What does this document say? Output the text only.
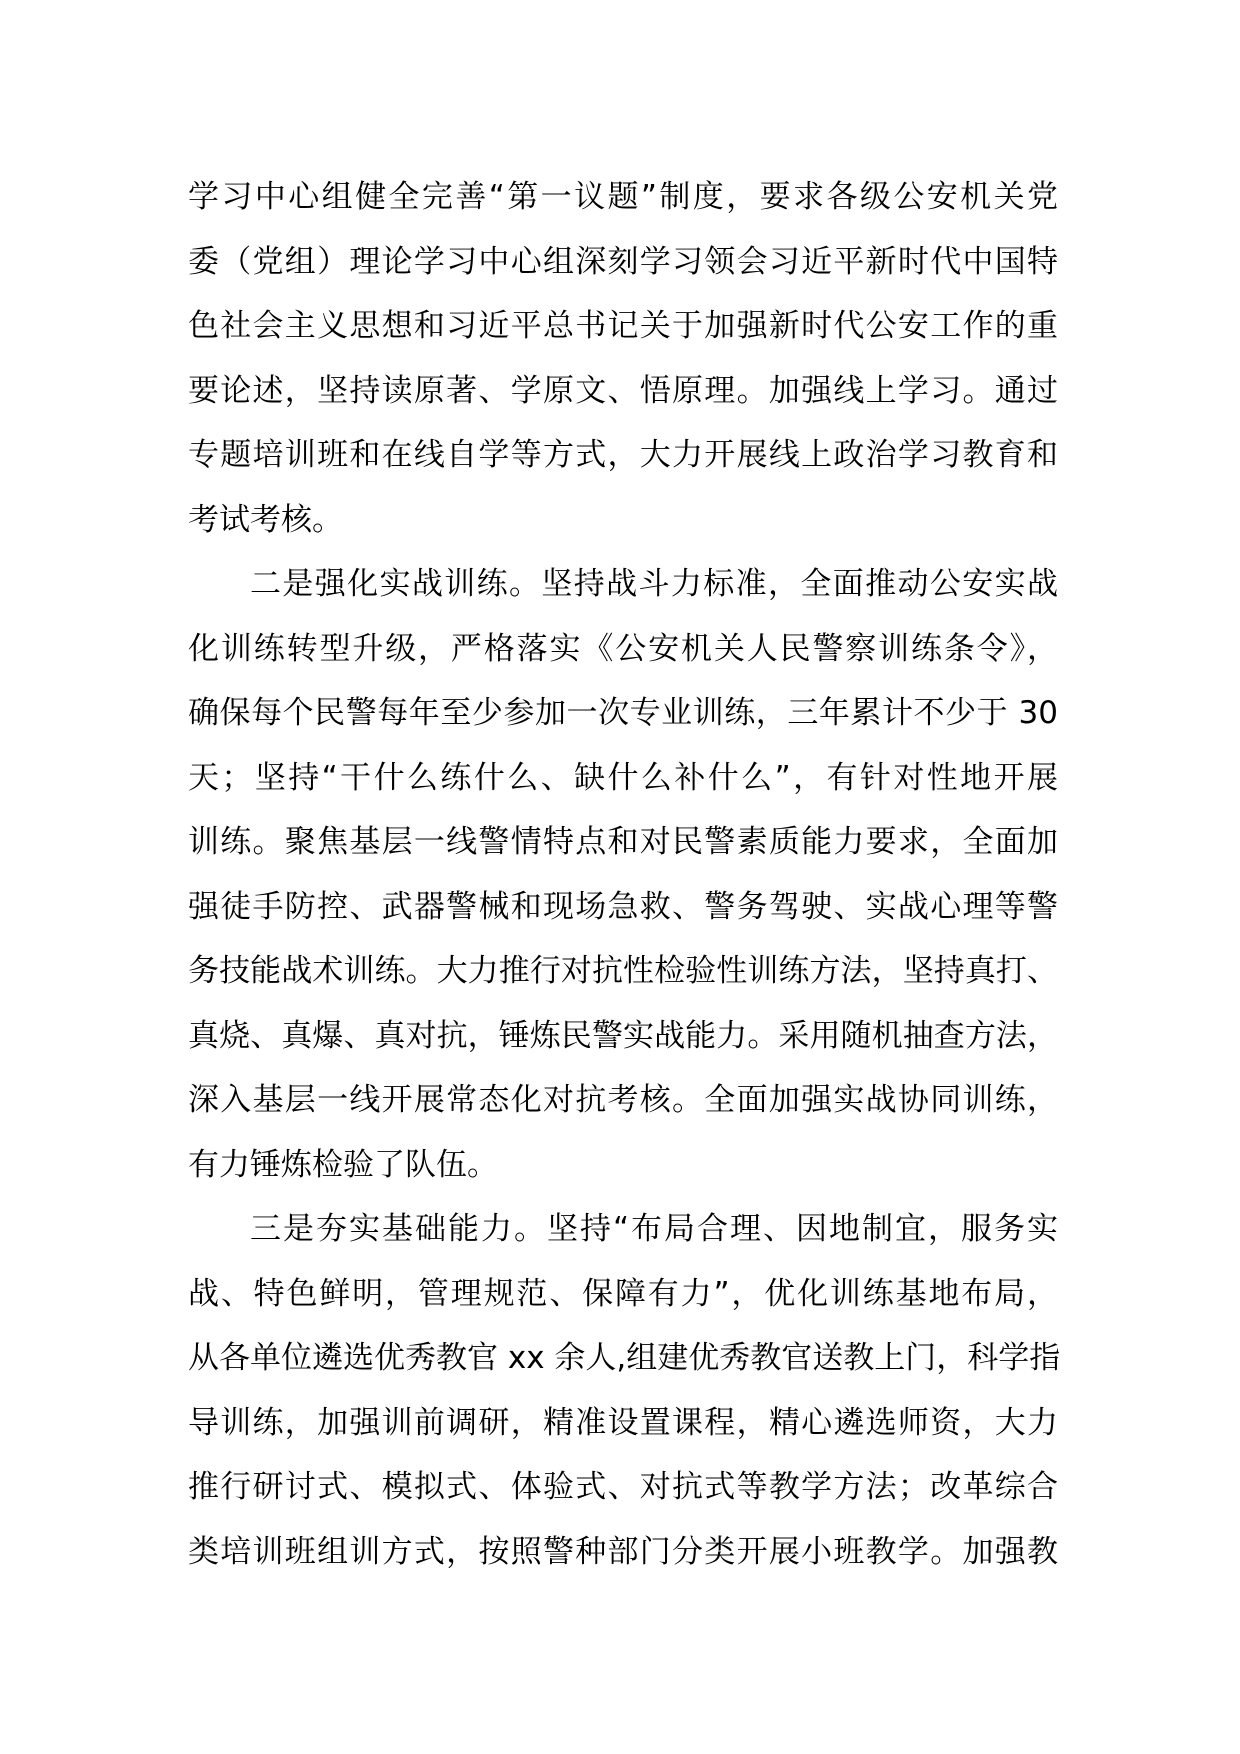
学习中心组健全完善“第一议题”制度，要求各级公安机关党
委（党组）理论学习中心组深刻学习领会习近平新时代中国特
色社会主义思想和习近平总书记关于加强新时代公安工作的重
要论述，坚持读原著、学原文、悟原理。加强线上学习。通过
专题培训班和在线自学等方式，大力开展线上政治学习教育和
考试考核。
二是强化实战训练。坚持战斗力标准，全面推动公安实战
化训练转型升级，严格落实《公安机关人民警察训练条令》，
确保每个民警每年至少参加一次专业训练，三年累计不少于 30
天；坚持“干什么练什么、缺什么补什么”，有针对性地开展
训练。聚焦基层一线警情特点和对民警素质能力要求，全面加
强徒手防控、武器警械和现场急救、警务驾驶、实战心理等警
务技能战术训练。大力推行对抗性检验性训练方法，坚持真打、
真烧、真爆、真对抗，锤炼民警实战能力。采用随机抽查方法，
深入基层一线开展常态化对抗考核。全面加强实战协同训练，
有力锤炼检验了队伍。
三是夯实基础能力。坚持“布局合理、因地制宜，服务实
战、特色鲜明，管理规范、保障有力”，优化训练基地布局，
从各单位遴选优秀教官 xx 余人,组建优秀教官送教上门，科学指
导训练，加强训前调研，精准设置课程，精心遴选师资，大力
推行研讨式、模拟式、体验式、对抗式等教学方法；改革综合
类培训班组训方式，按照警种部门分类开展小班教学。加强教
